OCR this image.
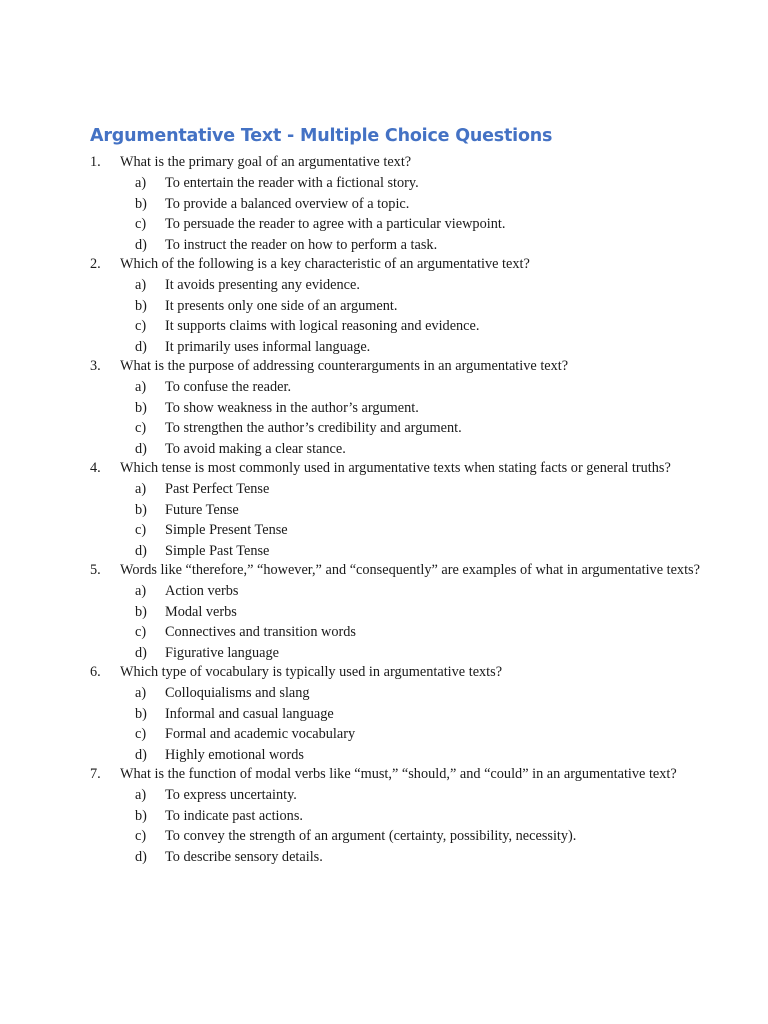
Argumentative Text - Multiple Choice Questions
1. What is the primary goal of an argumentative text?
a) To entertain the reader with a fictional story.
b) To provide a balanced overview of a topic.
c) To persuade the reader to agree with a particular viewpoint.
d) To instruct the reader on how to perform a task.
2. Which of the following is a key characteristic of an argumentative text?
a) It avoids presenting any evidence.
b) It presents only one side of an argument.
c) It supports claims with logical reasoning and evidence.
d) It primarily uses informal language.
3. What is the purpose of addressing counterarguments in an argumentative text?
a) To confuse the reader.
b) To show weakness in the author’s argument.
c) To strengthen the author’s credibility and argument.
d) To avoid making a clear stance.
4. Which tense is most commonly used in argumentative texts when stating facts or general truths?
a) Past Perfect Tense
b) Future Tense
c) Simple Present Tense
d) Simple Past Tense
5. Words like “therefore,” “however,” and “consequently” are examples of what in argumentative texts?
a) Action verbs
b) Modal verbs
c) Connectives and transition words
d) Figurative language
6. Which type of vocabulary is typically used in argumentative texts?
a) Colloquialisms and slang
b) Informal and casual language
c) Formal and academic vocabulary
d) Highly emotional words
7. What is the function of modal verbs like “must,” “should,” and “could” in an argumentative text?
a) To express uncertainty.
b) To indicate past actions.
c) To convey the strength of an argument (certainty, possibility, necessity).
d) To describe sensory details.
